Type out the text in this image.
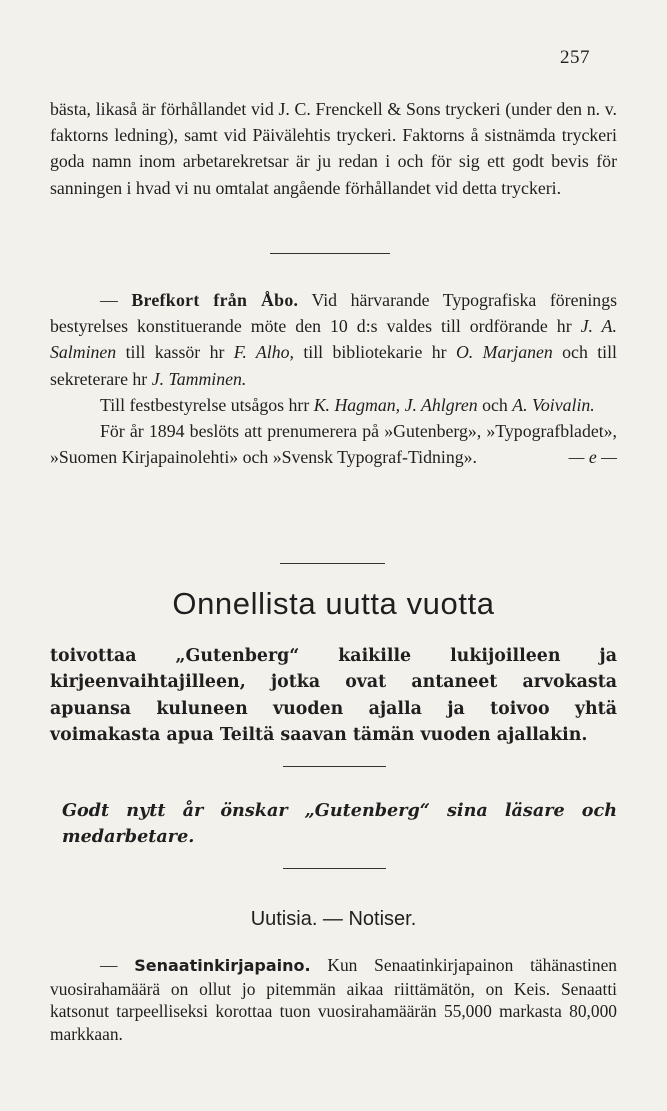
257

bästa, likaså är förhållandet vid J. C. Frenckell & Sons tryckeri (under den n. v. faktorns ledning), samt vid Päivälehtis tryckeri. Faktorns å sistnämda tryckeri goda namn inom arbetarekretsar är ju redan i och för sig ett godt bevis för sanningen i hvad vi nu omtalat angående förhållandet vid detta tryckeri.

— Brefkort från Åbo. Vid härvarande Typografiska förenings bestyrelses konstituerande möte den 10 d:s valdes till ordförande hr J. A. Salminen till kassör hr F. Alho, till bibliotekarie hr O. Marjanen och till sekreterare hr J. Tamminen.

Till festbestyrelse utsågos hrr K. Hagman, J. Ahlgren och A. Voivalin.

För år 1894 beslöts att prenumerera på »Gutenberg», »Typografbladet», »Suomen Kirjapainolehti» och »Svensk Typograf-Tidning».	— e —

Onnellista uutta vuotta
toivottaa „Gutenberg“ kaikille lukijoilleen ja kirjeenvaihtajilleen, jotka ovat antaneet arvokasta apuansa kuluneen vuoden ajalla ja toivoo yhtä voimakasta apua Teiltä saavan tämän vuoden ajallakin.
Godt nytt år önskar „Gutenberg“ sina läsare och medarbetare.
Uutisia. — Notiser.

— Senaatinkirjapaino. Kun Senaatinkirjapainon tähänastinen vuosirahamäärä on ollut jo pitemmän aikaa riittämätön, on Keis. Senaatti katsonut tarpeelliseksi korottaa tuon vuosirahamäärän 55,000 markasta 80,000 markkaan.
